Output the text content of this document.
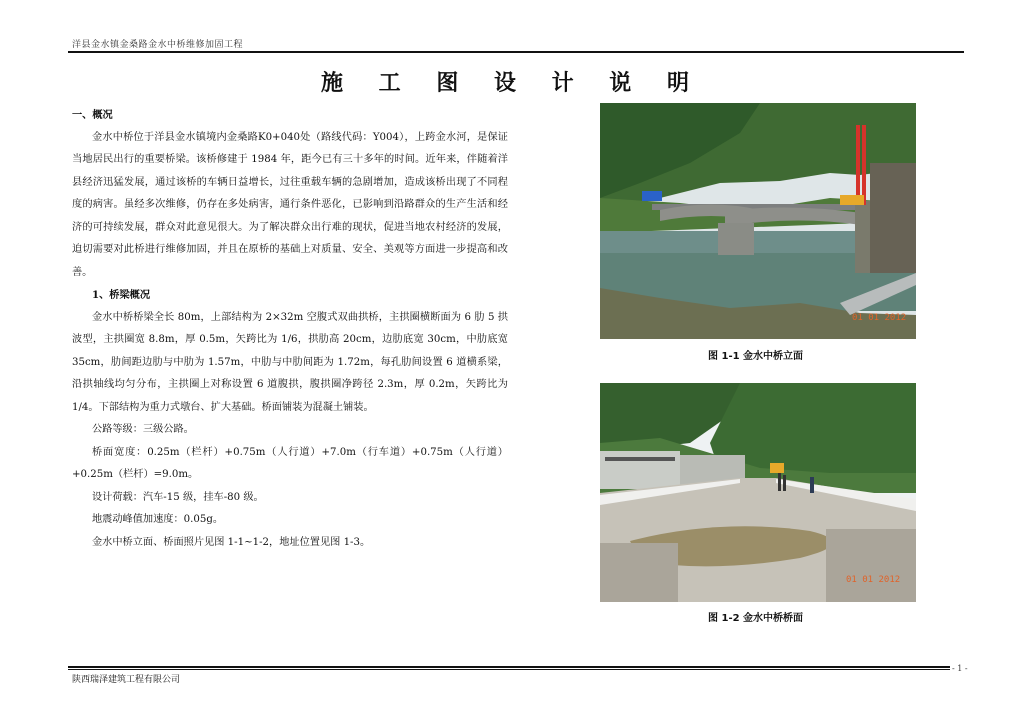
洋县金水镇金桑路金水中桥维修加固工程
施 工 图 设 计 说 明
一、概况

金水中桥位于洋县金水镇境内金桑路K0+040处（路线代码：Y004），上跨金水河，是保证当地居民出行的重要桥梁。该桥修建于 1984 年，距今已有三十多年的时间。近年来，伴随着洋县经济迅猛发展，通过该桥的车辆日益增长，过往重载车辆的急剧增加，造成该桥出现了不同程度的病害。虽经多次维修，仍存在多处病害，通行条件恶化，已影响到沿路群众的生产生活和经济的可持续发展，群众对此意见很大。为了解决群众出行难的现状，促进当地农村经济的发展，迫切需要对此桥进行维修加固，并且在原桥的基础上对质量、安全、美观等方面进一步提高和改善。

1、桥梁概况

金水中桥桥梁全长 80m，上部结构为 2×32m 空腹式双曲拱桥，主拱圈横断面为 6 肋 5 拱波型，主拱圈宽 8.8m，厚 0.5m，矢跨比为 1/6，拱肋高 20cm，边肋底宽 30cm，中肋底宽 35cm，肋间距边肋与中肋为 1.57m，中肋与中肋间距为 1.72m，每孔肋间设置 6 道横系梁，沿拱轴线均匀分布，主拱圈上对称设置 6 道腹拱，腹拱圈净跨径 2.3m，厚 0.2m，矢跨比为 1/4。下部结构为重力式墩台、扩大基础。桥面铺装为混凝土铺装。

公路等级：三级公路。

桥面宽度：0.25m（栏杆）+0.75m（人行道）+7.0m（行车道）+0.75m（人行道）+0.25m（栏杆）=9.0m。

设计荷载：汽车-15 级，挂车-80 级。

地震动峰值加速度：0.05g。

金水中桥立面、桥面照片见图 1-1~1-2，地址位置见图 1-3。

01 01 2012
图 1-1 金水中桥立面
01 01 2012
图 1-2 金水中桥桥面
陕西瑞泽建筑工程有限公司
- 1 -
